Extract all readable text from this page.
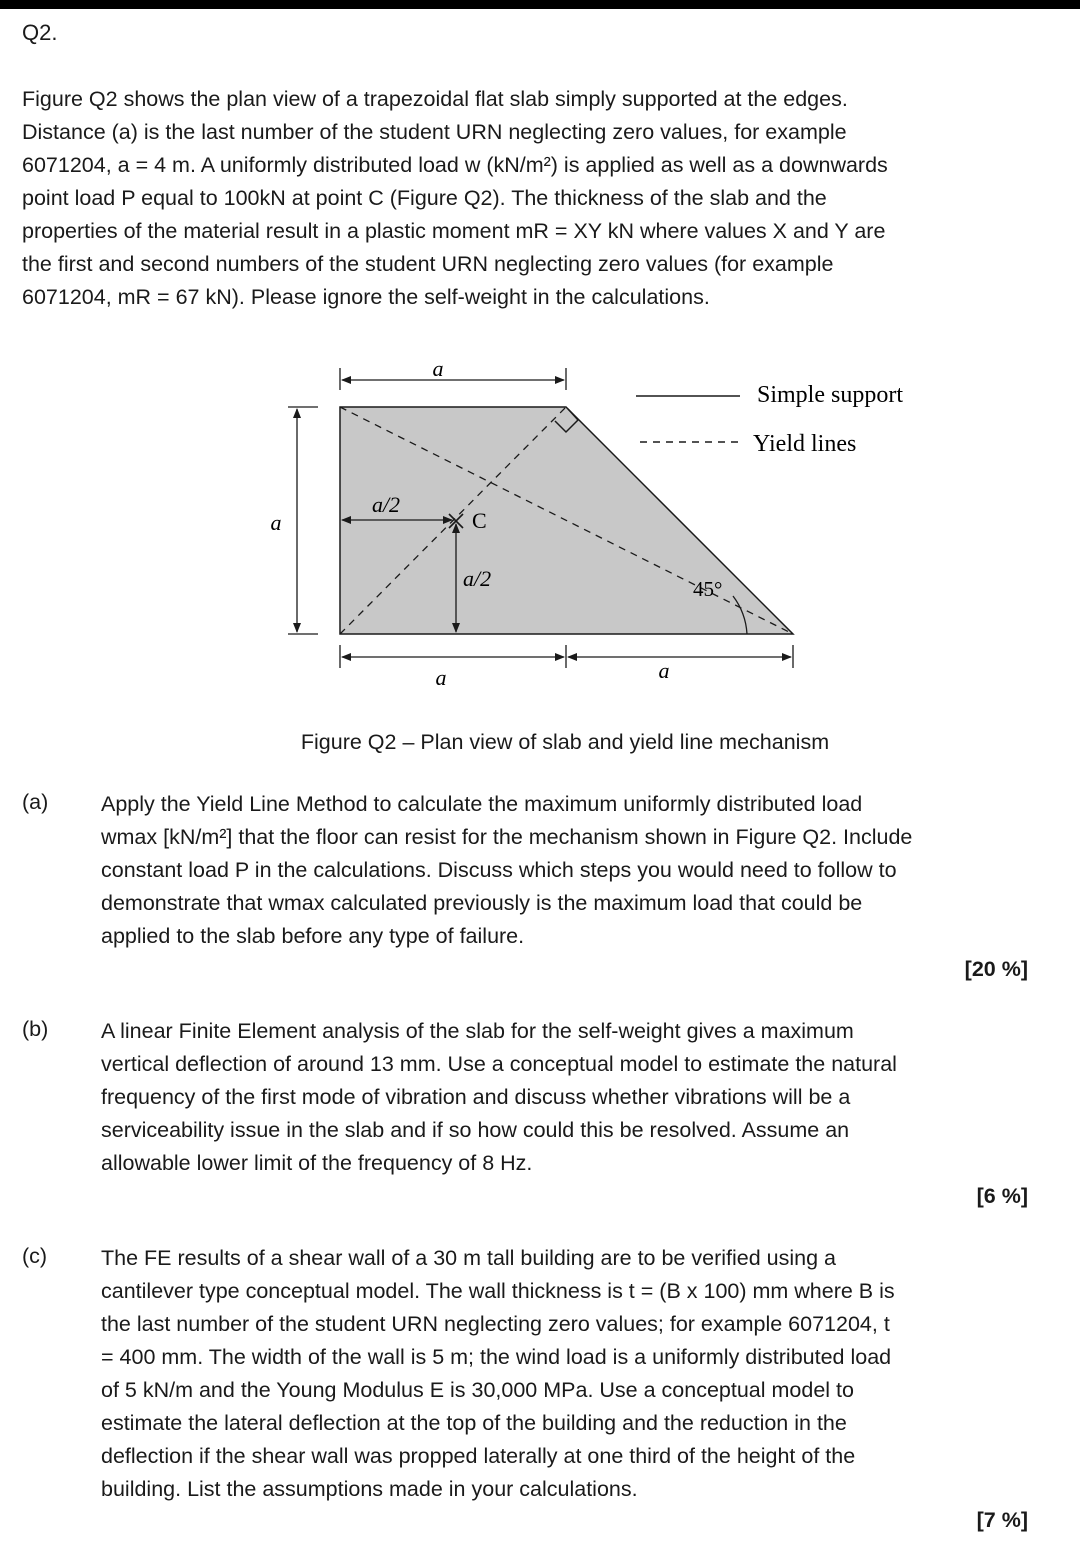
Q2.

Figure Q2 shows the plan view of a trapezoidal flat slab simply supported at the edges.

Distance (a) is the last number of the student URN neglecting zero values, for example

6071204, a = 4 m. A uniformly distributed load w (kN/m²) is applied as well as a downwards

point load P equal to 100kN at point C (Figure Q2). The thickness of the slab and the

properties of the material result in a plastic moment mR = XY kN where values X and Y are

the first and second numbers of the student URN neglecting zero values (for example

6071204, mR = 67 kN). Please ignore the self-weight in the calculations.

a
a
a	a
a/2
a/2
C
45°
Simple support
Yield lines
Figure Q2 – Plan view of slab and yield line mechanism
(a) Apply the Yield Line Method to calculate the maximum uniformly distributed load

wmax [kN/m²] that the floor can resist for the mechanism shown in Figure Q2. Include

constant load P in the calculations. Discuss which steps you would need to follow to

demonstrate that wmax calculated previously is the maximum load that could be

applied to the slab before any type of failure.

[20 %]
(b) A linear Finite Element analysis of the slab for the self-weight gives a maximum

vertical deflection of around 13 mm. Use a conceptual model to estimate the natural

frequency of the first mode of vibration and discuss whether vibrations will be a

serviceability issue in the slab and if so how could this be resolved. Assume an

allowable lower limit of the frequency of 8 Hz.

[6 %]
(c)	The FE results of a shear wall of a 30 m tall building are to be verified using a

cantilever type conceptual model. The wall thickness is t = (B x 100) mm where B is

the last number of the student URN neglecting zero values; for example 6071204, t

= 400 mm. The width of the wall is 5 m; the wind load is a uniformly distributed load

of 5 kN/m and the Young Modulus E is 30,000 MPa. Use a conceptual model to

estimate the lateral deflection at the top of the building and the reduction in the

deflection if the shear wall was propped laterally at one third of the height of the

building. List the assumptions made in your calculations.

[7 %]
